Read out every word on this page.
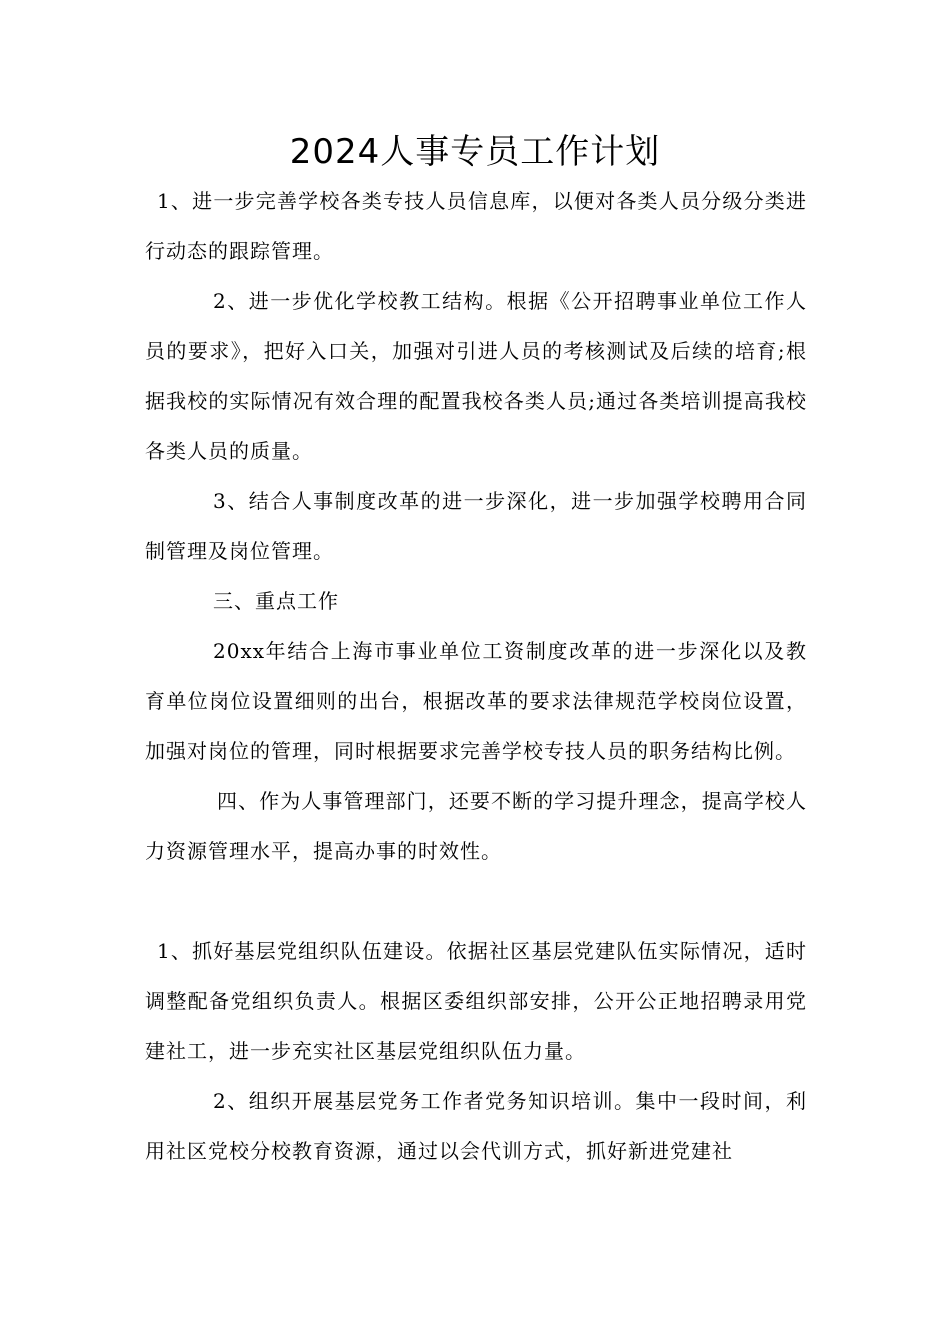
2024人事专员工作计划

1、进一步完善学校各类专技人员信息库，以便对各类人员分级分类进行动态的跟踪管理。

2、进一步优化学校教工结构。根据《公开招聘事业单位工作人员的要求》，把好入口关，加强对引进人员的考核测试及后续的培育;根据我校的实际情况有效合理的配置我校各类人员;通过各类培训提高我校各类人员的质量。

3、结合人事制度改革的进一步深化，进一步加强学校聘用合同制管理及岗位管理。

三、重点工作

20xx年结合上海市事业单位工资制度改革的进一步深化以及教育单位岗位设置细则的出台，根据改革的要求法律规范学校岗位设置，加强对岗位的管理，同时根据要求完善学校专技人员的职务结构比例。

四、作为人事管理部门，还要不断的学习提升理念，提高学校人力资源管理水平，提高办事的时效性。

1、抓好基层党组织队伍建设。依据社区基层党建队伍实际情况，适时调整配备党组织负责人。根据区委组织部安排，公开公正地招聘录用党建社工，进一步充实社区基层党组织队伍力量。

2、组织开展基层党务工作者党务知识培训。集中一段时间，利用社区党校分校教育资源，通过以会代训方式，抓好新进党建社
